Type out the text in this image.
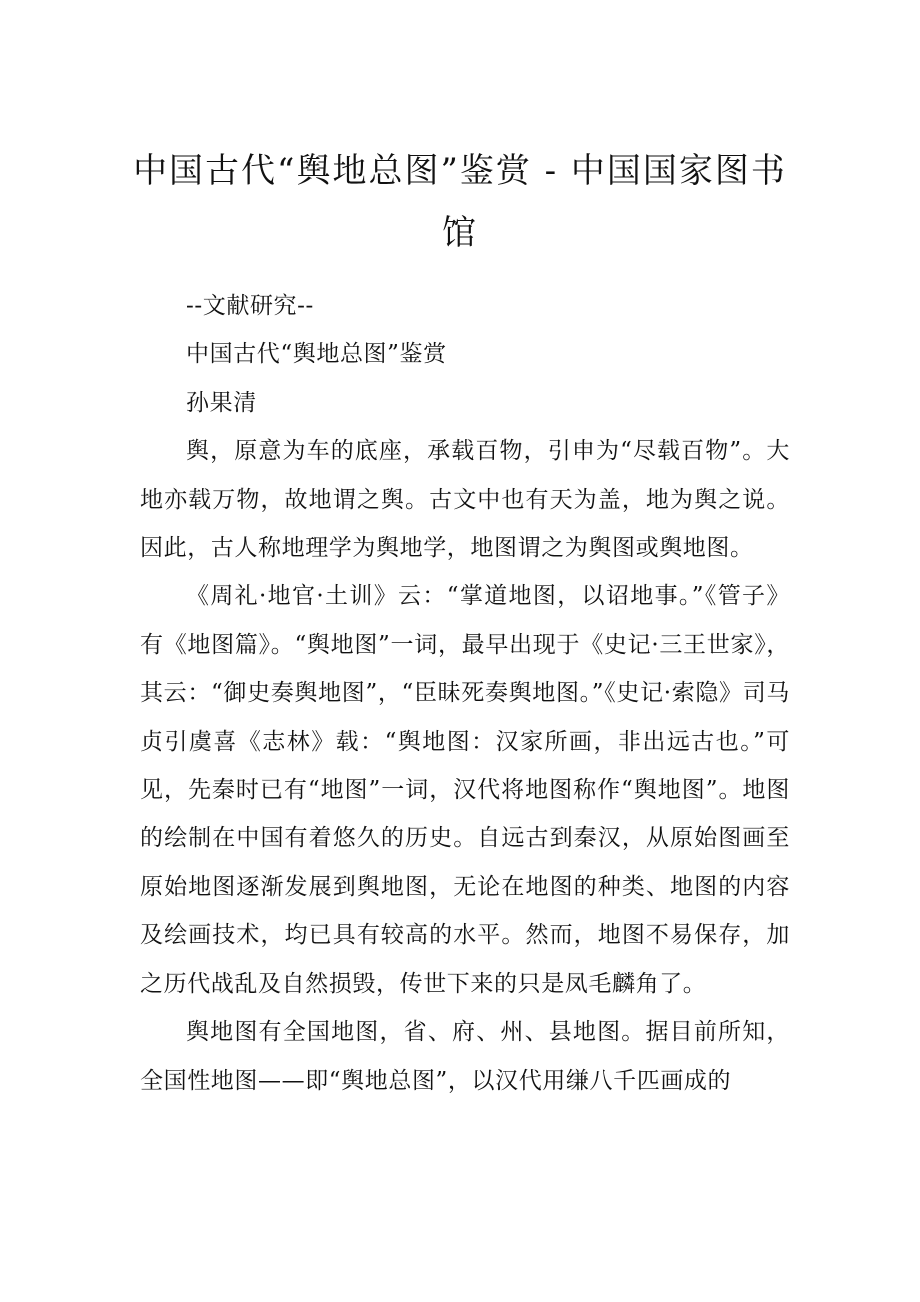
中国古代“舆地总图”鉴赏 - 中国国家图书馆

--文献研究--

中国古代“舆地总图”鉴赏

孙果清

舆，原意为车的底座，承载百物，引申为“尽载百物”。大地亦载万物，故地谓之舆。古文中也有天为盖，地为舆之说。因此，古人称地理学为舆地学，地图谓之为舆图或舆地图。

《周礼·地官·土训》云：“掌道地图，以诏地事。”《管子》有《地图篇》。“舆地图”一词，最早出现于《史记·三王世家》，其云：“御史奏舆地图”，“臣昧死奏舆地图。”《史记·索隐》司马贞引虞喜《志林》载：“舆地图：汉家所画，非出远古也。”可见，先秦时已有“地图”一词，汉代将地图称作“舆地图”。地图的绘制在中国有着悠久的历史。自远古到秦汉，从原始图画至原始地图逐渐发展到舆地图，无论在地图的种类、地图的内容及绘画技术，均已具有较高的水平。然而，地图不易保存，加之历代战乱及自然损毁，传世下来的只是凤毛麟角了。

舆地图有全国地图，省、府、州、县地图。据目前所知，全国性地图——即“舆地总图”，以汉代用缣八千匹画成的
